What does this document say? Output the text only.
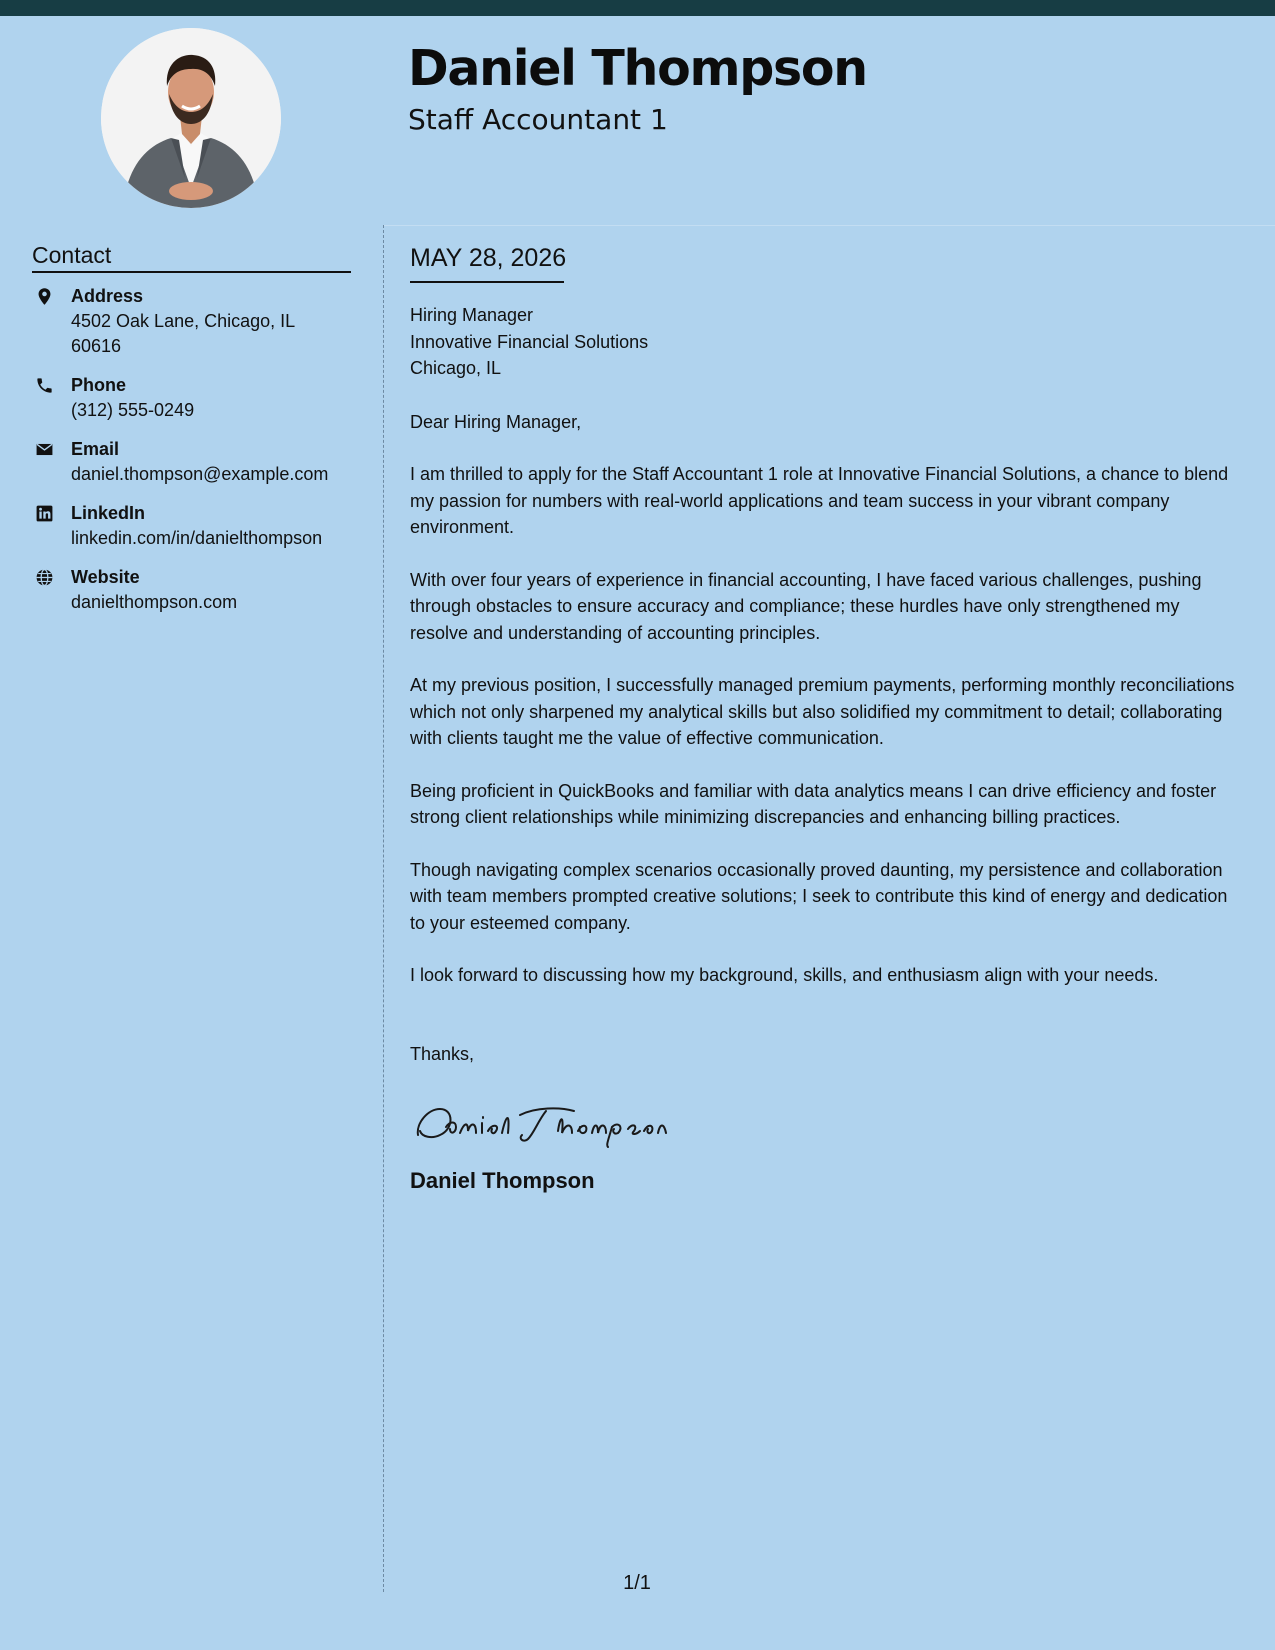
Daniel Thompson
Staff Accountant 1
Contact
Address
4502 Oak Lane, Chicago, IL
60616
Phone
(312) 555-0249
Email
daniel.thompson@example.com
LinkedIn
linkedin.com/in/danielthompson
Website
danielthompson.com
MAY 28, 2026

Hiring Manager

Innovative Financial Solutions

Chicago, IL

Dear Hiring Manager,

I am thrilled to apply for the Staff Accountant 1 role at Innovative Financial Solutions, a chance to blend my passion for numbers with real-world applications and team success in your vibrant company environment.

With over four years of experience in financial accounting, I have faced various challenges, pushing through obstacles to ensure accuracy and compliance; these hurdles have only strengthened my resolve and understanding of accounting principles.

At my previous position, I successfully managed premium payments, performing monthly reconciliations which not only sharpened my analytical skills but also solidified my commitment to detail; collaborating with clients taught me the value of effective communication.

Being proficient in QuickBooks and familiar with data analytics means I can drive efficiency and foster strong client relationships while minimizing discrepancies and enhancing billing practices.

Though navigating complex scenarios occasionally proved daunting, my persistence and collaboration with team members prompted creative solutions; I seek to contribute this kind of energy and dedication to your esteemed company.

I look forward to discussing how my background, skills, and enthusiasm align with your needs.

Thanks,

Daniel Thompson
1/1
